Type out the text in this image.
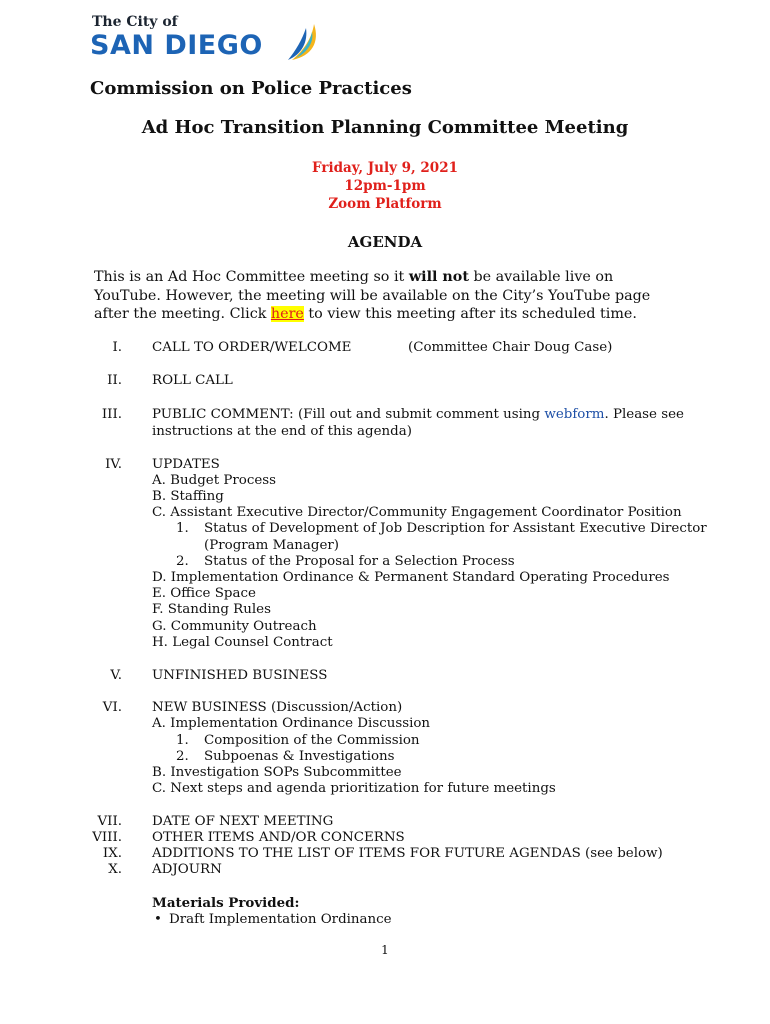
The City of
SAN DIEGO
Commission on Police Practices
Ad Hoc Transition Planning Committee Meeting
Friday, July 9, 2021
12pm-1pm
Zoom Platform
AGENDA
This is an Ad Hoc Committee meeting so it will not be available live on YouTube. However, the meeting will be available on the City’s YouTube page after the meeting. Click here to view this meeting after its scheduled time.
I. CALL TO ORDER/WELCOME	(Committee Chair Doug Case)
II. ROLL CALL
III. PUBLIC COMMENT: (Fill out and submit comment using webform. Please see
instructions at the end of this agenda)
IV. UPDATES
A. Budget Process
B. Staffing
C. Assistant Executive Director/Community Engagement Coordinator Position
1. Status of Development of Job Description for Assistant Executive Director
(Program Manager)
2. Status of the Proposal for a Selection Process
D. Implementation Ordinance & Permanent Standard Operating Procedures
E. Office Space
F. Standing Rules
G. Community Outreach
H. Legal Counsel Contract
V. UNFINISHED BUSINESS
VI. NEW BUSINESS (Discussion/Action)
A. Implementation Ordinance Discussion
1. Composition of the Commission
2. Subpoenas & Investigations
B. Investigation SOPs Subcommittee
C. Next steps and agenda prioritization for future meetings
VII. DATE OF NEXT MEETING
VIII. OTHER ITEMS AND/OR CONCERNS
IX. ADDITIONS TO THE LIST OF ITEMS FOR FUTURE AGENDAS (see below)
X. ADJOURN
Materials Provided:
• Draft Implementation Ordinance
1
